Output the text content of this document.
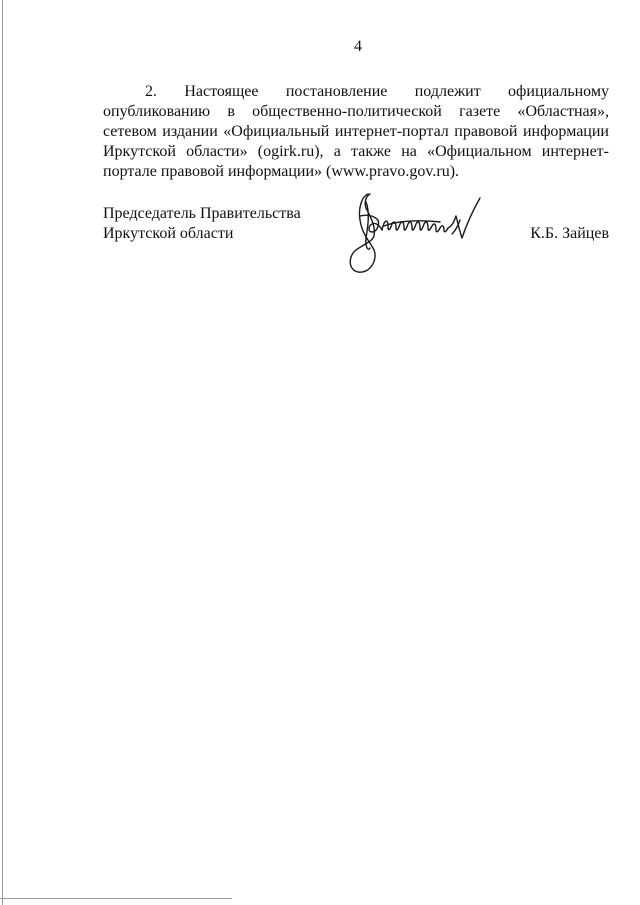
4

2. Настоящее постановление подлежит официальному опубликованию в общественно-политической газете «Областная», сетевом издании «Официальный интернет-портал правовой информации Иркутской области» (ogirk.ru), а также на «Официальном интернет-портале правовой информации» (www.pravo.gov.ru).

Председатель Правительства
Иркутской области	К.Б. Зайцев
